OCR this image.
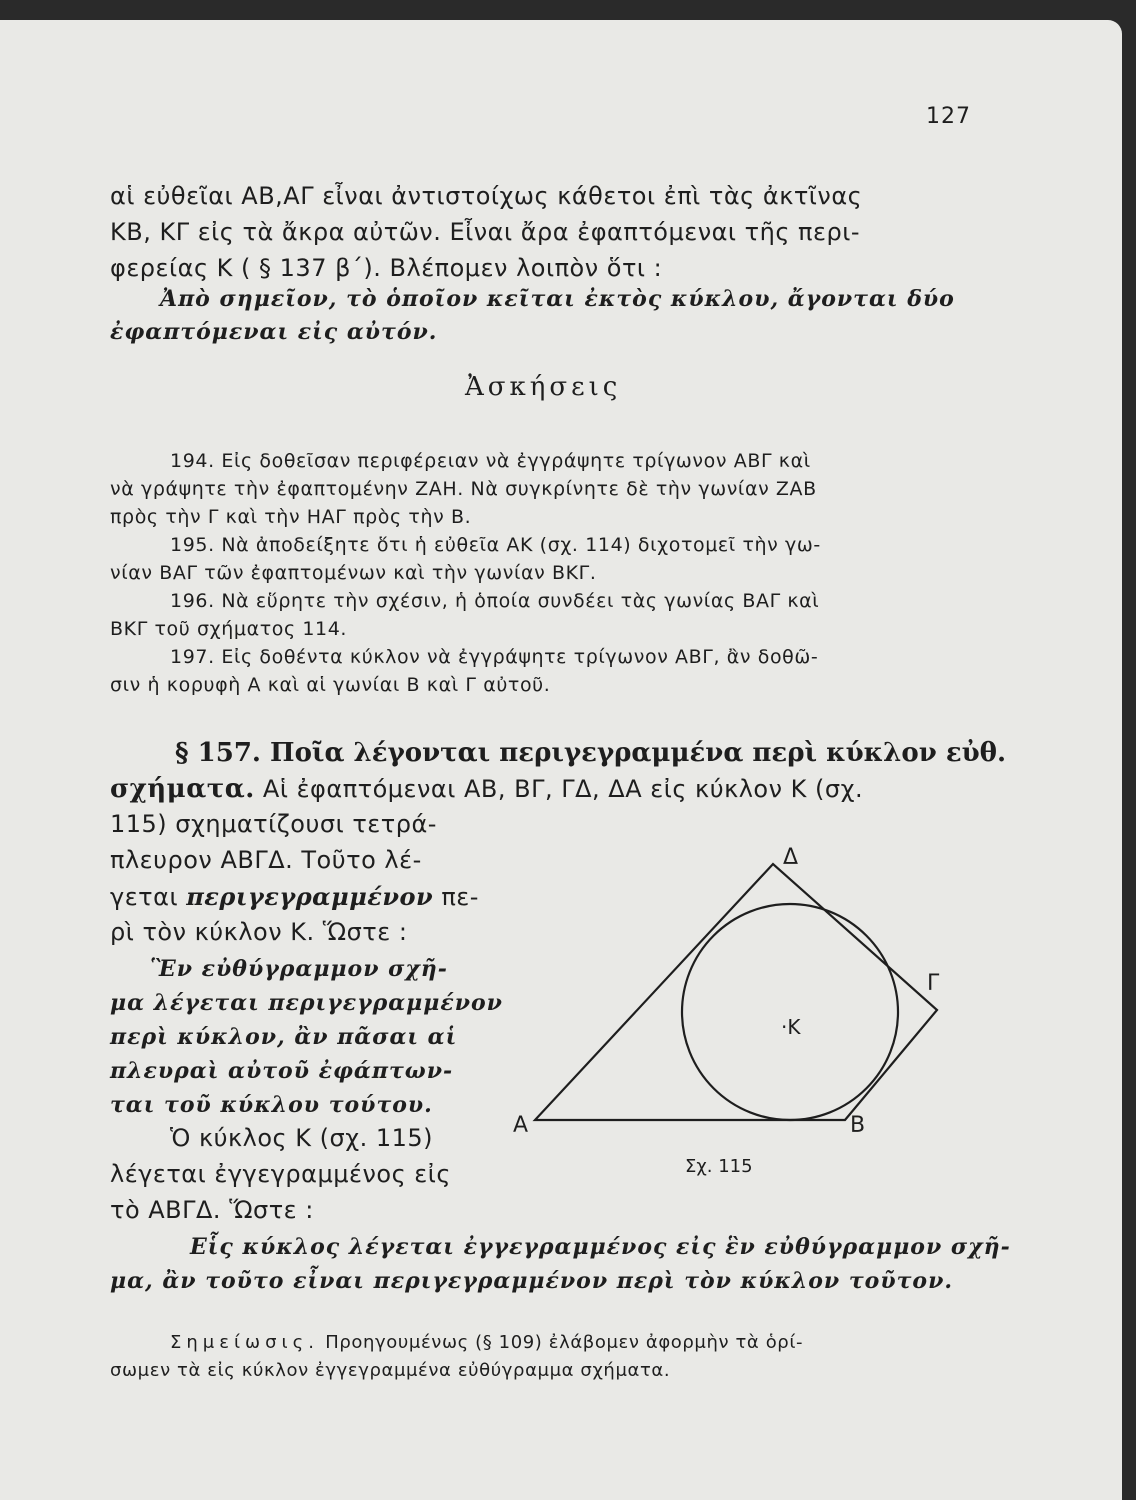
127
αἱ εὐθεῖαι ΑΒ,ΑΓ εἶναι ἀντιστοίχως κάθετοι ἐπὶ τὰς ἀκτῖνας
ΚΒ, ΚΓ εἰς τὰ ἄκρα αὐτῶν. Εἶναι ἄρα ἐφαπτόμεναι τῆς περι-
φερείας Κ ( § 137 β΄). Βλέπομεν λοιπὸν ὅτι :
Ἀπὸ σημεῖον, τὸ ὁποῖον κεῖται ἐκτὸς κύκλου, ἄγονται δύο
ἐφαπτόμεναι εἰς αὐτόν.
Ἀσκήσεις
194. Εἰς δοθεῖσαν περιφέρειαν νὰ ἐγγράψητε τρίγωνον ΑΒΓ καὶ
νὰ γράψητε τὴν ἐφαπτομένην ΖΑΗ. Νὰ συγκρίνητε δὲ τὴν γωνίαν ΖΑΒ
πρὸς τὴν Γ καὶ τὴν ΗΑΓ πρὸς τὴν Β.
195. Νὰ ἀποδείξητε ὅτι ἡ εὐθεῖα ΑΚ (σχ. 114) διχοτομεῖ τὴν γω-
νίαν ΒΑΓ τῶν ἐφαπτομένων καὶ τὴν γωνίαν ΒΚΓ.
196. Νὰ εὕρητε τὴν σχέσιν, ἡ ὁποία συνδέει τὰς γωνίας ΒΑΓ καὶ
ΒΚΓ τοῦ σχήματος 114.
197. Εἰς δοθέντα κύκλον νὰ ἐγγράψητε τρίγωνον ΑΒΓ, ἂν δοθῶ-
σιν ἡ κορυφὴ Α καὶ αἱ γωνίαι Β καὶ Γ αὐτοῦ.
§ 157. Ποῖα λέγονται περιγεγραμμένα περὶ κύκλον εὐθ.
σχήματα. Αἱ ἐφαπτόμεναι ΑΒ, ΒΓ, ΓΔ, ΔΑ εἰς κύκλον Κ (σχ.
115) σχηματίζουσι τετρά-
πλευρον ΑΒΓΔ. Τοῦτο λέ-
γεται περιγεγραμμένον πε-
ρὶ τὸν κύκλον Κ. Ὥστε :
Ἓν εὐθύγραμμον σχῆ-
μα λέγεται περιγεγραμμένον
περὶ κύκλον, ἂν πᾶσαι αἱ
πλευραὶ αὐτοῦ ἐφάπτων-
ται τοῦ κύκλου τούτου.
Ὁ κύκλος Κ (σχ. 115)
λέγεται ἐγγεγραμμένος εἰς
τὸ ΑΒΓΔ. Ὥστε :
Εἷς κύκλος λέγεται ἐγγεγραμμένος εἰς ἓν εὐθύγραμμον σχῆ-
μα, ἂν τοῦτο εἶναι περιγεγραμμένον περὶ τὸν κύκλον τοῦτον.
Σημείωσις. Προηγουμένως (§ 109) ἐλάβομεν ἀφορμὴν τὰ ὁρί-
σωμεν τὰ εἰς κύκλον ἐγγεγραμμένα εὐθύγραμμα σχήματα.
Α	Β
Γ
Δ
·Κ
Σχ. 115
